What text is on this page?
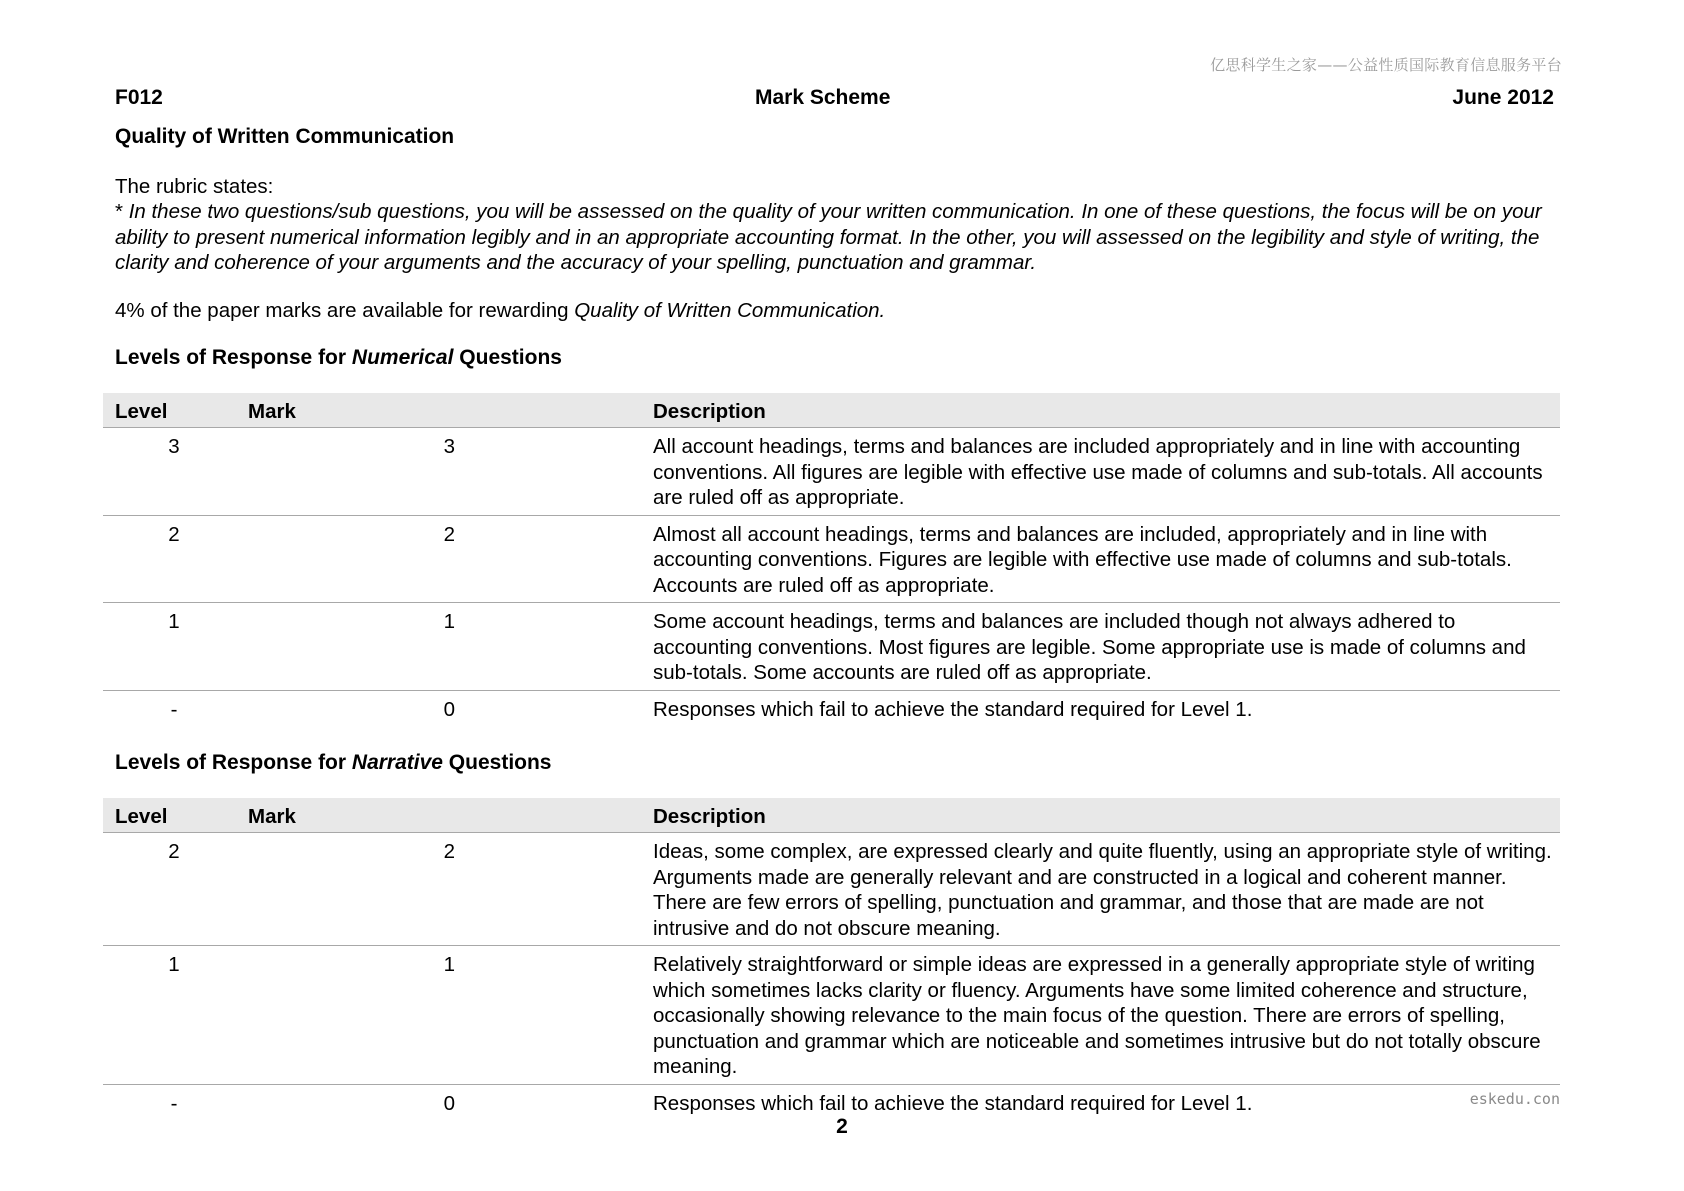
亿思科学生之家——公益性质国际教育信息服务平台
F012	Mark Scheme	June 2012

Quality of Written Communication

The rubric states:

* In these two questions/sub questions, you will be assessed on the quality of your written communication. In one of these questions, the focus will be on your ability to present numerical information legibly and in an appropriate accounting format. In the other, you will assessed on the legibility and style of writing, the clarity and coherence of your arguments and the accuracy of your spelling, punctuation and grammar.

4% of the paper marks are available for rewarding Quality of Written Communication.

Levels of Response for Numerical Questions

Level	Mark	Description
3	3	All account headings, terms and balances are included appropriately and in line with accounting conventions. All figures are legible with effective use made of columns and sub-totals. All accounts are ruled off as appropriate.
2	2	Almost all account headings, terms and balances are included, appropriately and in line with accounting conventions. Figures are legible with effective use made of columns and sub-totals. Accounts are ruled off as appropriate.
1	1	Some account headings, terms and balances are included though not always adhered to accounting conventions. Most figures are legible. Some appropriate use is made of columns and sub-totals. Some accounts are ruled off as appropriate.
-	0	Responses which fail to achieve the standard required for Level 1.

Levels of Response for Narrative Questions

Level	Mark	Description
2	2	Ideas, some complex, are expressed clearly and quite fluently, using an appropriate style of writing. Arguments made are generally relevant and are constructed in a logical and coherent manner. There are few errors of spelling, punctuation and grammar, and those that are made are not intrusive and do not obscure meaning.
1	1	Relatively straightforward or simple ideas are expressed in a generally appropriate style of writing which sometimes lacks clarity or fluency. Arguments have some limited coherence and structure, occasionally showing relevance to the main focus of the question. There are errors of spelling, punctuation and grammar which are noticeable and sometimes intrusive but do not totally obscure meaning.
-	0	Responses which fail to achieve the standard required for Level 1.	eskedu.con
2
